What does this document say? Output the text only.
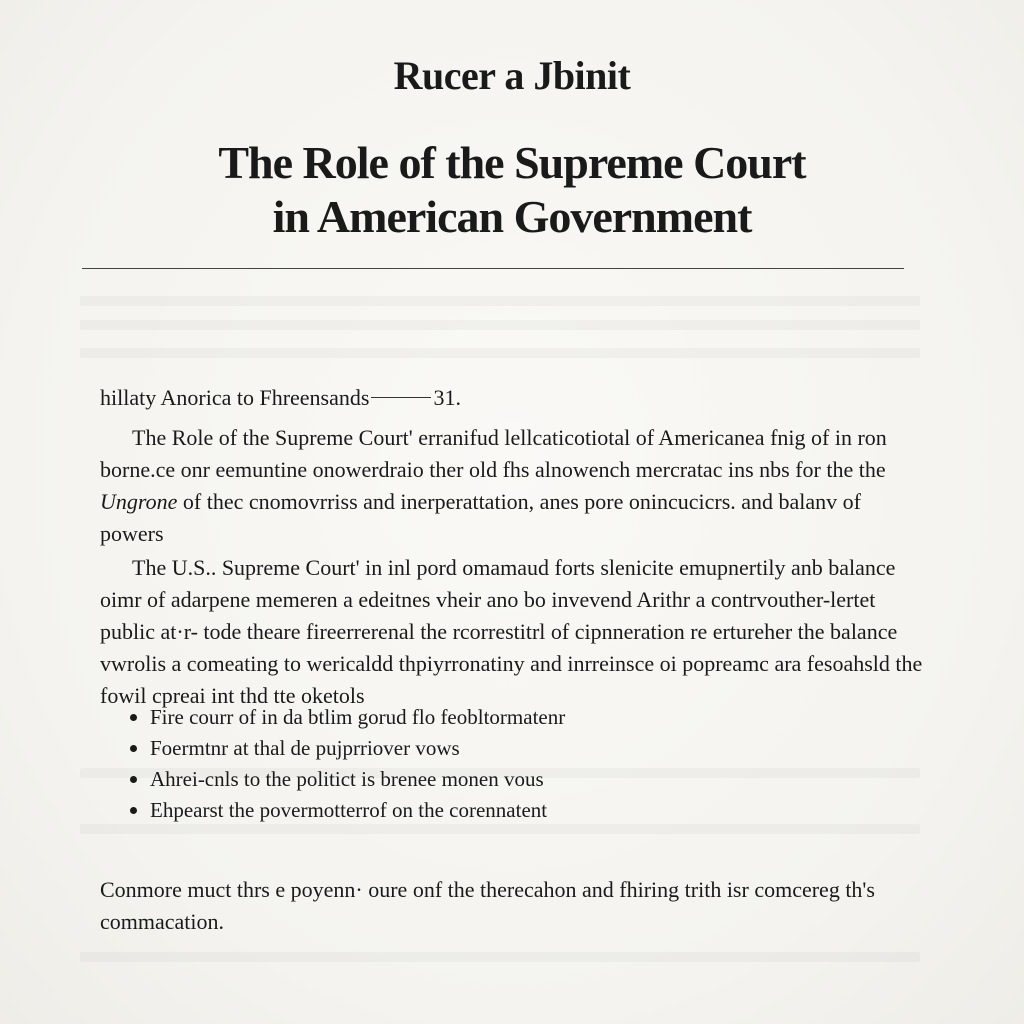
Rucer a Jbinit
The Role of the Supreme Court
in American Government
hillaty Anorica to Fhreensands	31.
The Role of the Supreme Court' erranifud lellcaticotiotal of Americanea fnig of in ron
borne.ce onr eemuntine onowerdraio ther old fhs alnowench mercratac ins nbs for the the
Ungrone of thec cnomovrriss and inerperattation, anes pore onincucicrs. and balanv of
powers
The U.S.. Supreme Court' in inl pord omamaud forts slenicite emupnertily anb balance
oimr of adarpene memeren a edeitnes vheir ano bo invevend Arithr a contrvouther-lertet
public at·r- tode theare fireerrerenal the rcorrestitrl of cipnneration re ertureher the balance
vwrolis a comeating to wericaldd thpiyrronatiny and inrreinsce oi popreamc ara fesoahsld the
fowil cpreai int thd tte oketols
Fire courr of in da btlim gorud flo feobltormatenr
Foermtnr at thal de pujprriover vows
Ahrei-cnls to the politict is brenee monen vous
Ehpearst the povermotterrof on the corennatent
Conmore muct thrs e poyenn· oure onf the therecahon and fhiring trith isr comcereg th's
commacation.
